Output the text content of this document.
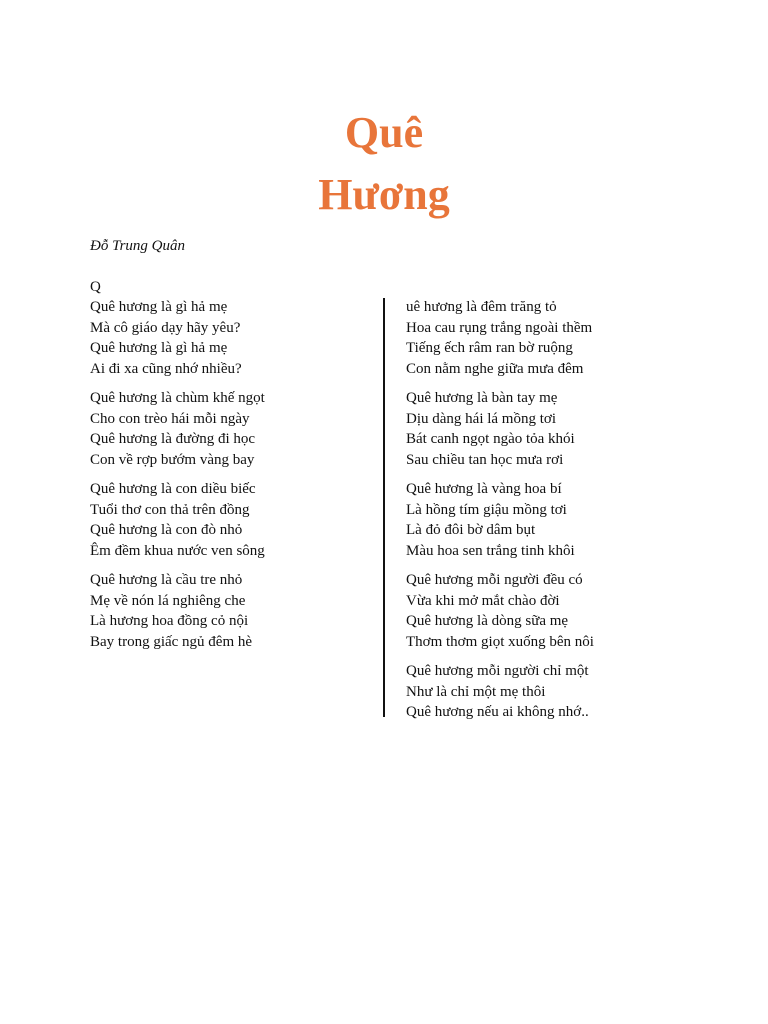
Quê
Hương
Đỗ Trung Quân
Q
Quê hương là gì hả mẹ
Mà cô giáo dạy hãy yêu?
Quê hương là gì hả mẹ
Ai đi xa cũng nhớ nhiều?
Quê hương là chùm khế ngọt
Cho con trèo hái mỗi ngày
Quê hương là đường đi học
Con về rợp bướm vàng bay
Quê hương là con diều biếc
Tuổi thơ con thả trên đồng
Quê hương là con đò nhỏ
Êm đềm khua nước ven sông
Quê hương là cầu tre nhỏ
Mẹ về nón lá nghiêng che
Là hương hoa đồng cỏ nội
Bay trong giấc ngủ đêm hè
uê hương là đêm trăng tỏ
Hoa cau rụng trắng ngoài thềm
Tiếng ếch râm ran bờ ruộng
Con nằm nghe giữa mưa đêm
Quê hương là bàn tay mẹ
Dịu dàng hái lá mồng tơi
Bát canh ngọt ngào tỏa khói
Sau chiều tan học mưa rơi
Quê hương là vàng hoa bí
Là hồng tím giậu mồng tơi
Là đỏ đôi bờ dâm bụt
Màu hoa sen trắng tinh khôi
Quê hương mỗi người đều có
Vừa khi mở mắt chào đời
Quê hương là dòng sữa mẹ
Thơm thơm giọt xuống bên nôi
Quê hương mỗi người chỉ một
Như là chỉ một mẹ thôi
Quê hương nếu ai không nhớ..
